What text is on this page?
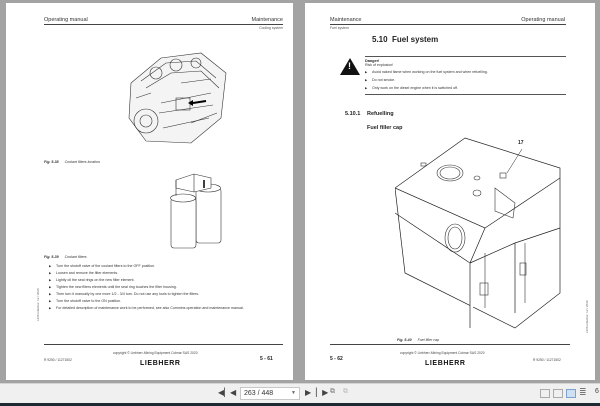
Operating manual	Maintenance
Cooling system
Fig. 5-38 Coolant filters location
Fig. 5-39 Coolant filters
▶ Turn the shutoff valve of the coolant filters to the OFF position.
▶ Loosen and remove the filter elements.
▶ Lightly oil the seal rings on the new filter element.
▶ Tighten the new filters elements until the seal ring touches the filter housing.
▶ Then turn it manually by one more 1/2 - 3/4 turn. Do not use any tools to tighten the filters.
▶ Turn the shutoff valve to the ON position.
▶ For detailed description of maintenance work to be performed, see also Cummins operation and maintenance manual.
LICfrontEditor: 12 / 2020
R 9250 / 11271502
copyright © Liebherr-Mining Equipment Colmar SAS 2020
LIEBHERR
5 - 61
Maintenance	Operating manual
Fuel system
5.10 Fuel system
!
Danger!
Risk of explosion!
▶ Avoid naked flame when working on the fuel system and when refuelling.
▶ Do not smoke.
▶ Only work on the diesel engine when it is switched off.
5.10.1 Refuelling
Fuel filler cap
17
Fig. 5-40 Fuel filler cap
LICfrontEditor: 12 / 2020
5 - 62
copyright © Liebherr-Mining Equipment Colmar SAS 2020
LIEBHERR	R 9250 / 11271502
◀▏ ◀	263 / 448	▼ ▶ ▏▶ ⧉ ⧉	≣ 6
